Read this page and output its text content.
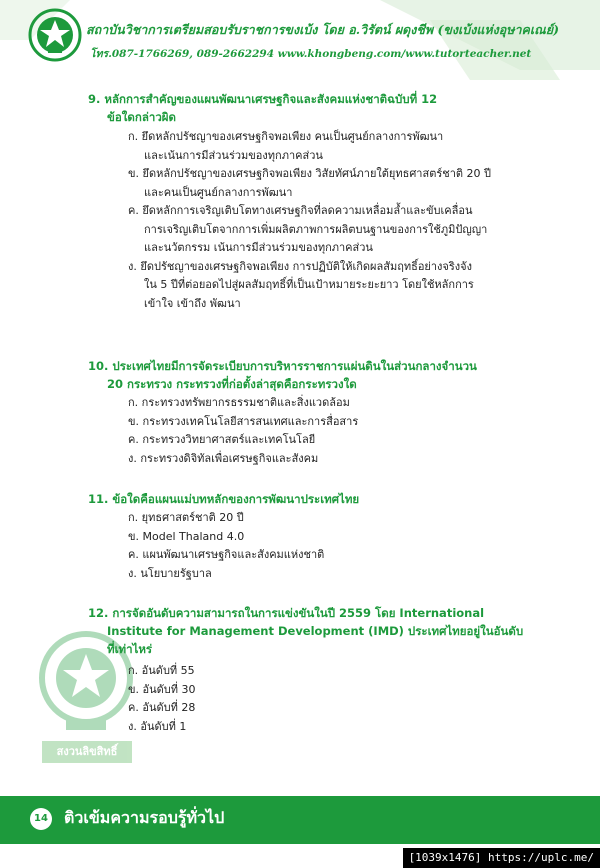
สถาบันวิชาการเตรียมสอบรับราชการขงเบ้ง โดย อ.วิรัตน์ ผดุงชีพ (ขงเบ้งแห่งอุษาคเณย์)
โทร.087-1766269, 089-2662294 www.khongbeng.com/www.tutorteacher.net
9. หลักการสำคัญของแผนพัฒนาเศรษฐกิจและสังคมแห่งชาติฉบับที่ 12
ข้อใดกล่าวผิด
ก. ยึดหลักปรัชญาของเศรษฐกิจพอเพียง คนเป็นศูนย์กลางการพัฒนา
และเน้นการมีส่วนร่วมของทุกภาคส่วน
ข. ยึดหลักปรัชญาของเศรษฐกิจพอเพียง วิสัยทัศน์ภายใต้ยุทธศาสตร์ชาติ 20 ปี
และคนเป็นศูนย์กลางการพัฒนา
ค. ยึดหลักการเจริญเติบโตทางเศรษฐกิจที่ลดความเหลื่อมล้ำและขับเคลื่อน
การเจริญเติบโตจากการเพิ่มผลิตภาพการผลิตบนฐานของการใช้ภูมิปัญญา
และนวัตกรรม เน้นการมีส่วนร่วมของทุกภาคส่วน
ง. ยึดปรัชญาของเศรษฐกิจพอเพียง การปฏิบัติให้เกิดผลสัมฤทธิ์อย่างจริงจัง
ใน 5 ปีที่ต่อยอดไปสู่ผลสัมฤทธิ์ที่เป็นเป้าหมายระยะยาว โดยใช้หลักการ
เข้าใจ เข้าถึง พัฒนา
10. ประเทศไทยมีการจัดระเบียบการบริหารราชการแผ่นดินในส่วนกลางจำนวน
20 กระทรวง กระทรวงที่ก่อตั้งล่าสุดคือกระทรวงใด
ก. กระทรวงทรัพยากรธรรมชาติและสิ่งแวดล้อม
ข. กระทรวงเทคโนโลยีสารสนเทศและการสื่อสาร
ค. กระทรวงวิทยาศาสตร์และเทคโนโลยี
ง. กระทรวงดิจิทัลเพื่อเศรษฐกิจและสังคม
11. ข้อใดคือแผนแม่บทหลักของการพัฒนาประเทศไทย
ก. ยุทธศาสตร์ชาติ 20 ปี
ข. Model Thaland 4.0
ค. แผนพัฒนาเศรษฐกิจและสังคมแห่งชาติ
ง. นโยบายรัฐบาล
สงวนลิขสิทธิ์
12. การจัดอันดับความสามารถในการแข่งขันในปี 2559 โดย International
Institute for Management Development (IMD) ประเทศไทยอยู่ในอันดับ
ที่เท่าไหร่
ก. อันดับที่ 55
ข. อันดับที่ 30
ค. อันดับที่ 28
ง. อันดับที่ 1
14 ติวเข้มความรอบรู้ทั่วไป
[1039x1476] https://uplc.me/
